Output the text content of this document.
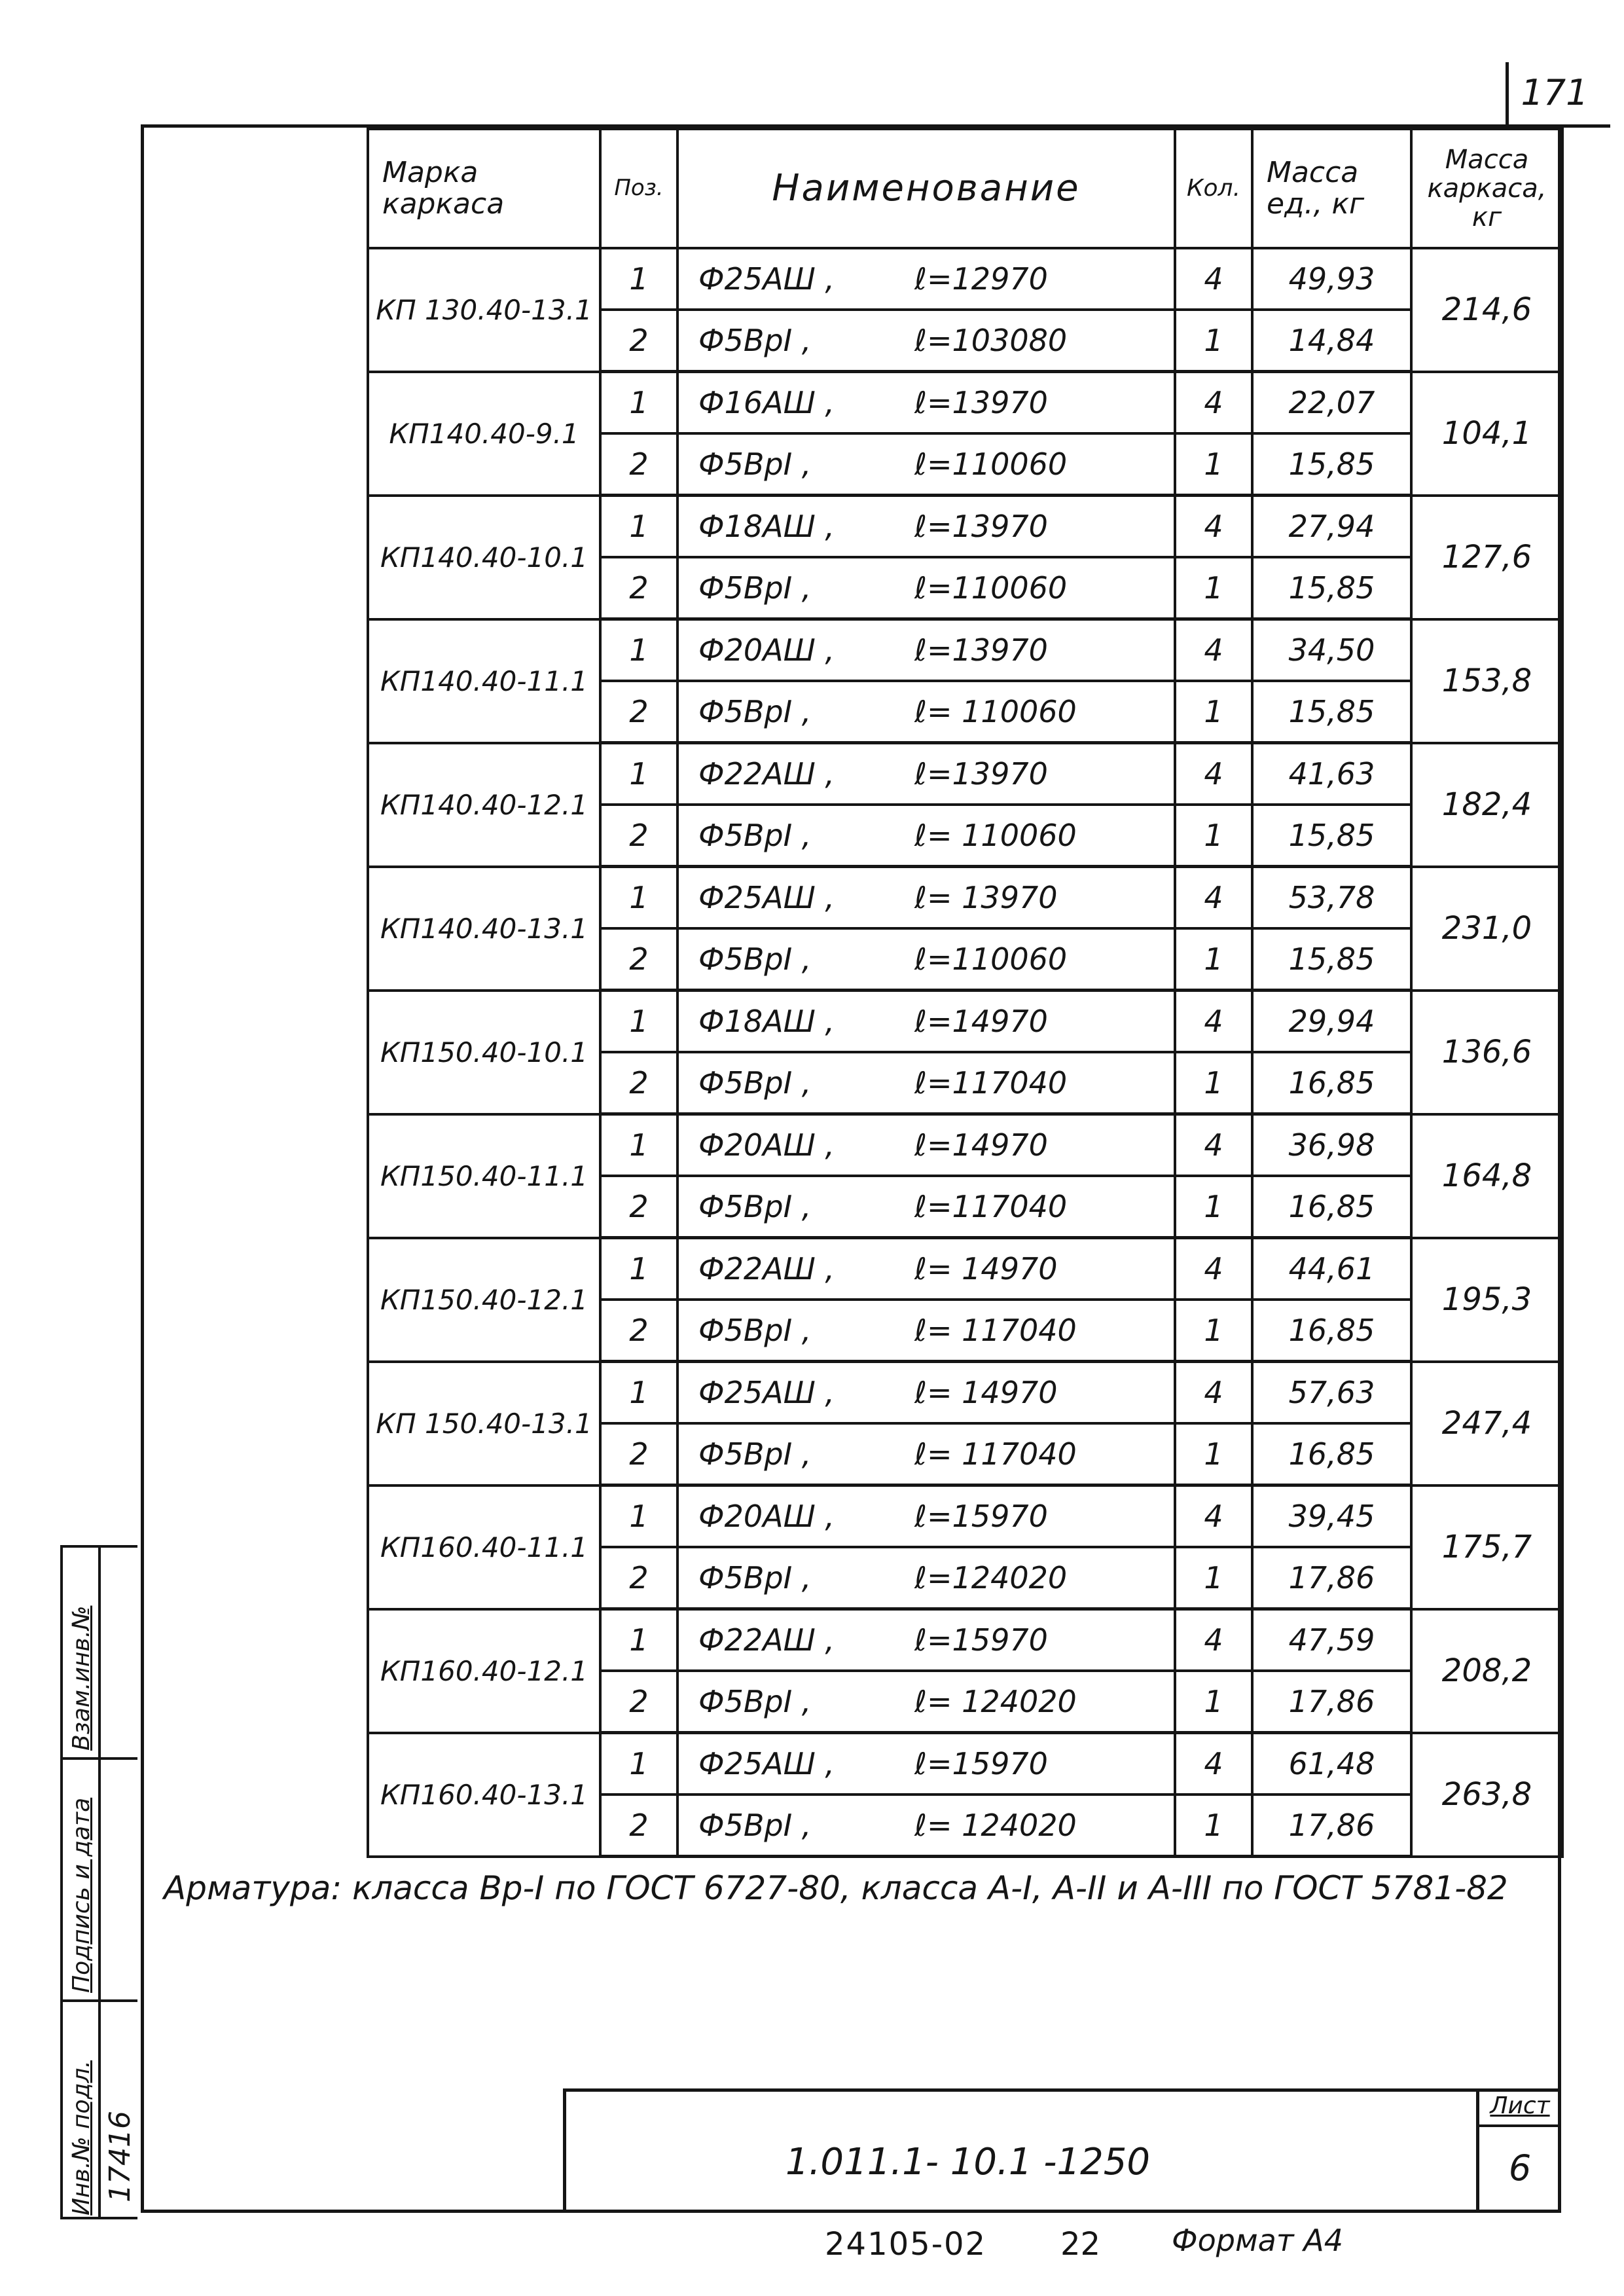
171
Инв.№ подл. 17416
Подпись и дата
Взам.инв.№
Марка каркаса	Поз.	Наименование	Кол.	Масса ед., кг	Масса каркаса, кг
КП 130.40-13.1	1	Ф25АШ , ℓ=12970	4	49,93	214,6
	2	Ф5ВрI , ℓ=103080	1	14,84	
КП140.40-9.1	1	Ф16АШ , ℓ=13970	4	22,07	104,1
	2	Ф5ВрI , ℓ=110060	1	15,85	
КП140.40-10.1	1	Ф18АШ , ℓ=13970	4	27,94	127,6
	2	Ф5ВрI , ℓ=110060	1	15,85	
КП140.40-11.1	1	Ф20АШ , ℓ=13970	4	34,50	153,8
	2	Ф5ВрI , ℓ= 110060	1	15,85	
КП140.40-12.1	1	Ф22АШ , ℓ=13970	4	41,63	182,4
	2	Ф5ВрI , ℓ= 110060	1	15,85	
КП140.40-13.1	1	Ф25АШ , ℓ= 13970	4	53,78	231,0
	2	Ф5ВрI , ℓ=110060	1	15,85	
КП150.40-10.1	1	Ф18АШ , ℓ=14970	4	29,94	136,6
	2	Ф5ВрI , ℓ=117040	1	16,85	
КП150.40-11.1	1	Ф20АШ , ℓ=14970	4	36,98	164,8
	2	Ф5ВрI , ℓ=117040	1	16,85	
КП150.40-12.1	1	Ф22АШ , ℓ= 14970	4	44,61	195,3
	2	Ф5ВрI , ℓ= 117040	1	16,85	
КП 150.40-13.1	1	Ф25АШ , ℓ= 14970	4	57,63	247,4
	2	Ф5ВрI , ℓ= 117040	1	16,85	
КП160.40-11.1	1	Ф20АШ , ℓ=15970	4	39,45	175,7
	2	Ф5ВрI , ℓ=124020	1	17,86	
КП160.40-12.1	1	Ф22АШ , ℓ=15970	4	47,59	208,2
	2	Ф5ВрI , ℓ= 124020	1	17,86	
КП160.40-13.1	1	Ф25АШ , ℓ=15970	4	61,48	263,8
	2	Ф5ВрI , ℓ= 124020	1	17,86	
Арматура: класса Вр-I по ГОСТ 6727-80, класса А-I, А-II и А-III по ГОСТ 5781-82
1.011.1- 10.1 -1250
Лист
6
24105-02 22 Формат А4
